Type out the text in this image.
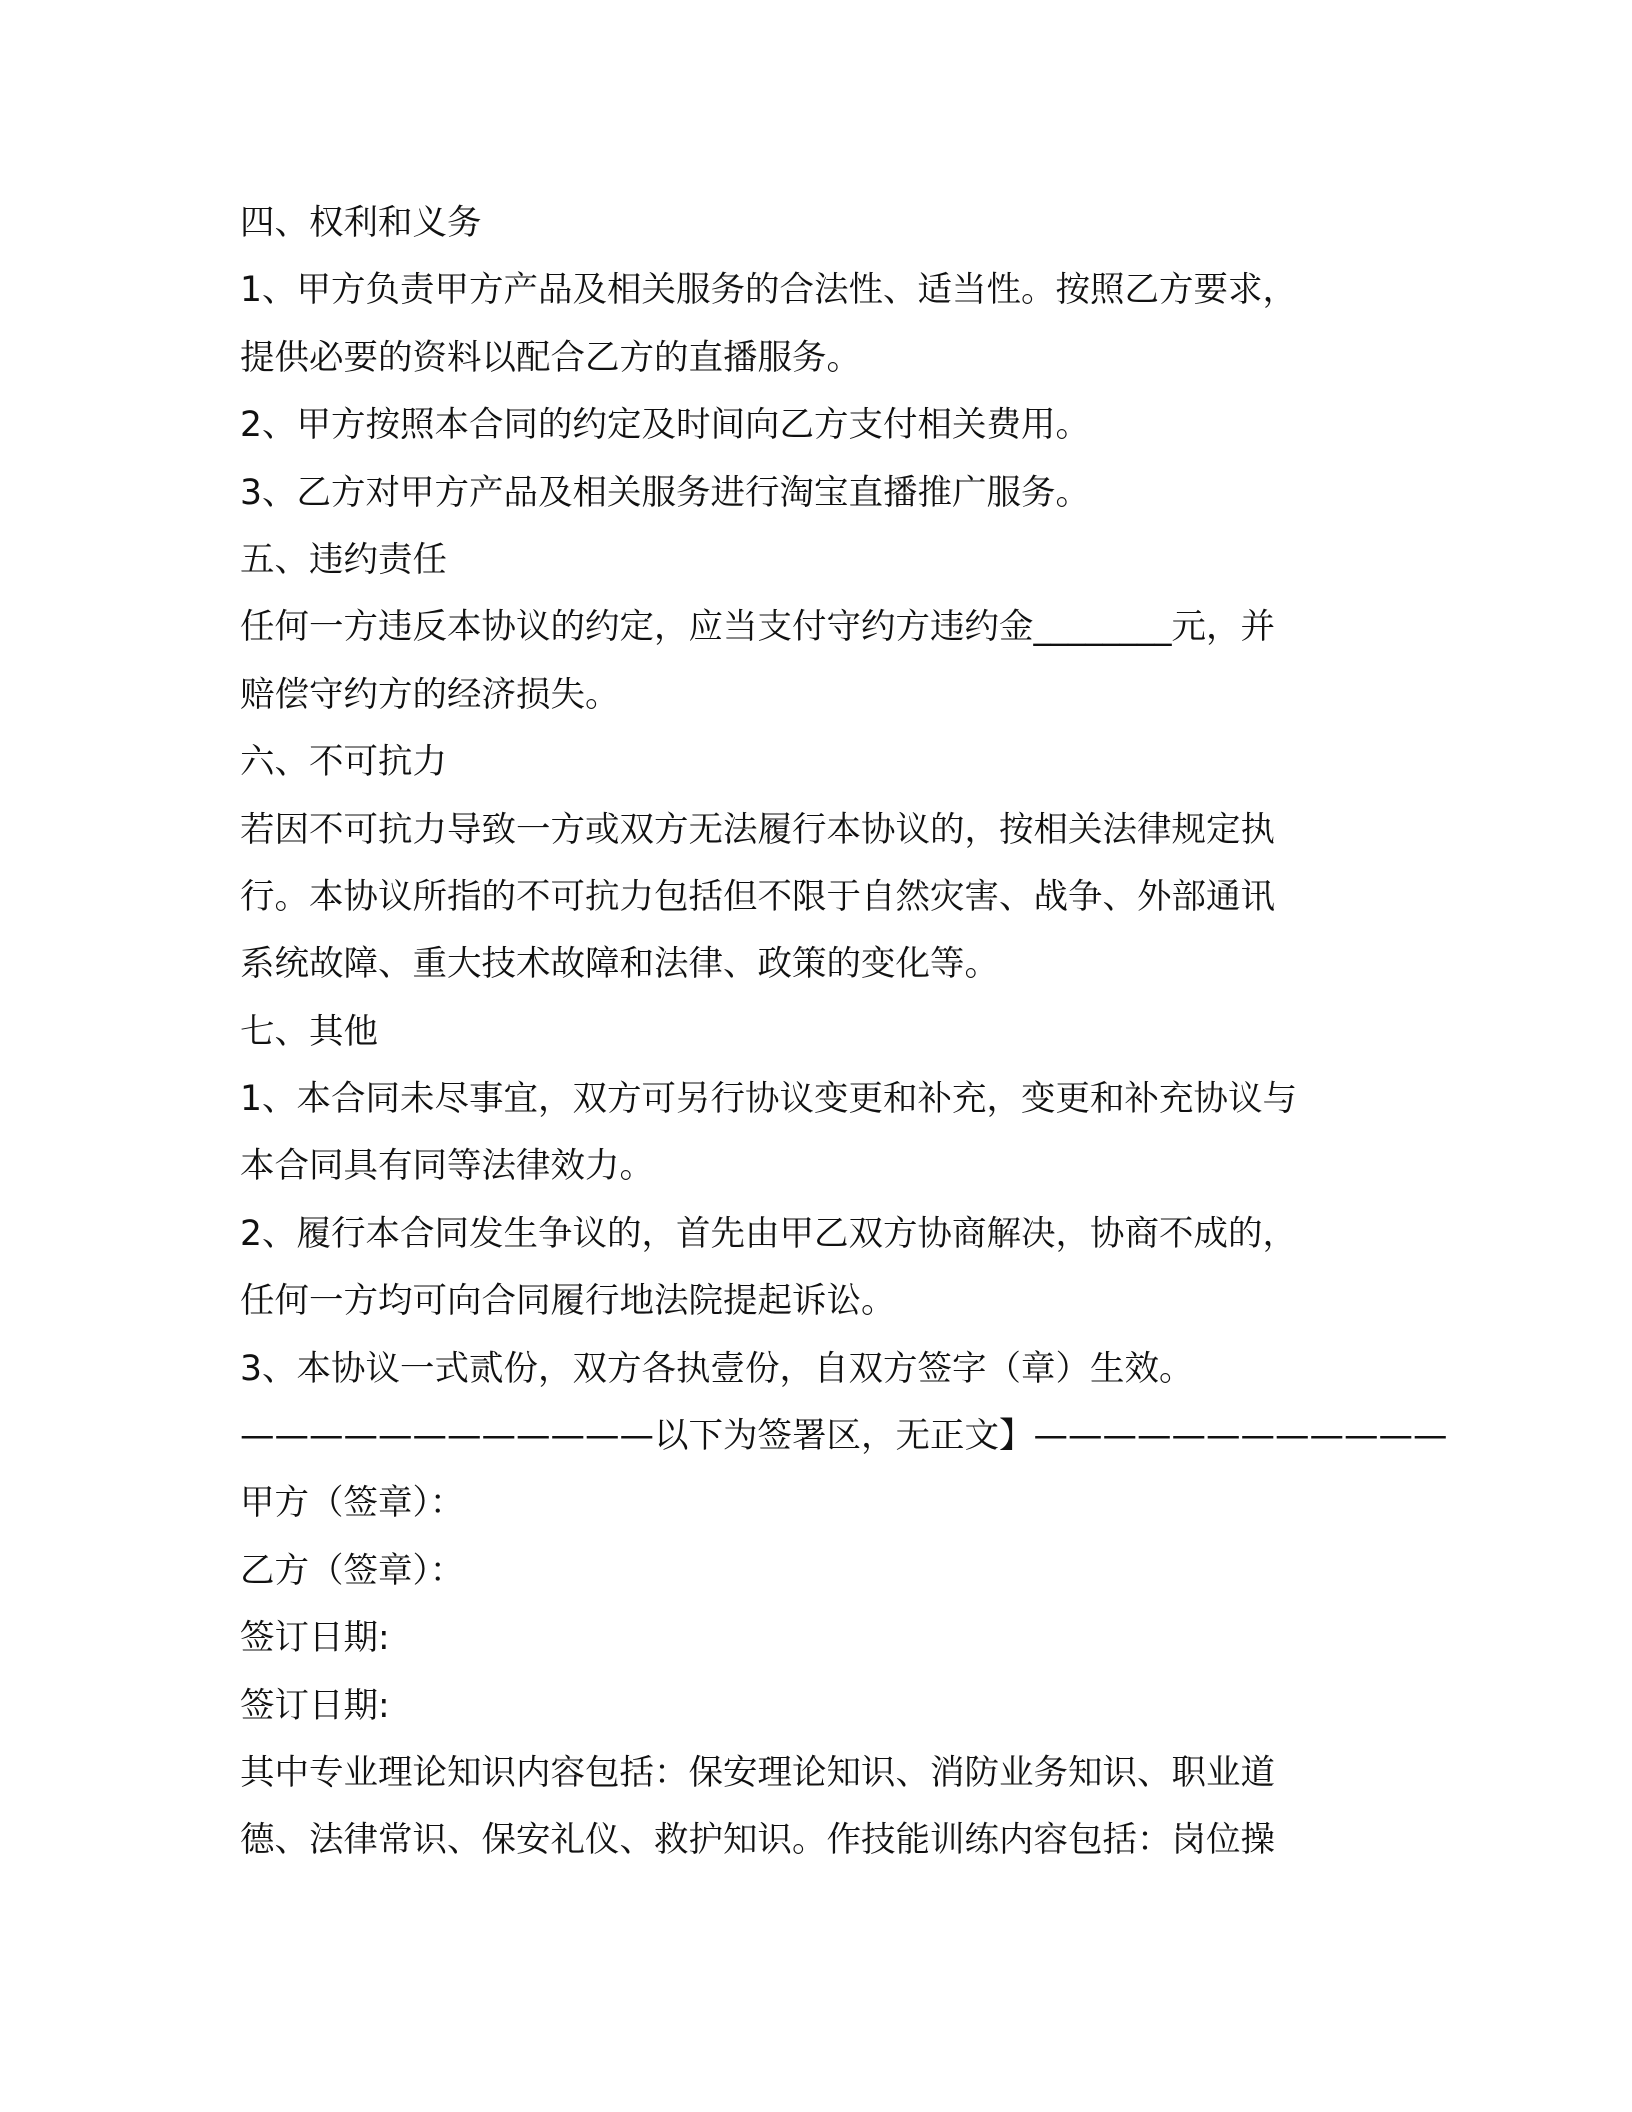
四、权利和义务

1、甲方负责甲方产品及相关服务的合法性、适当性。按照乙方要求，

提供必要的资料以配合乙方的直播服务。

2、甲方按照本合同的约定及时间向乙方支付相关费用。

3、乙方对甲方产品及相关服务进行淘宝直播推广服务。

五、违约责任

任何一方违反本协议的约定，应当支付守约方违约金________元，并

赔偿守约方的经济损失。

六、不可抗力

若因不可抗力导致一方或双方无法履行本协议的，按相关法律规定执

行。本协议所指的不可抗力包括但不限于自然灾害、战争、外部通讯

系统故障、重大技术故障和法律、政策的变化等。

七、其他

1、本合同未尽事宜，双方可另行协议变更和补充，变更和补充协议与

本合同具有同等法律效力。

2、履行本合同发生争议的，首先由甲乙双方协商解决，协商不成的，

任何一方均可向合同履行地法院提起诉讼。

3、本协议一式贰份，双方各执壹份，自双方签字（章）生效。

————————————以下为签署区，无正文】————————————

甲方（签章）：

乙方（签章）：

签订日期:

签订日期:

其中专业理论知识内容包括：保安理论知识、消防业务知识、职业道

德、法律常识、保安礼仪、救护知识。作技能训练内容包括：岗位操
